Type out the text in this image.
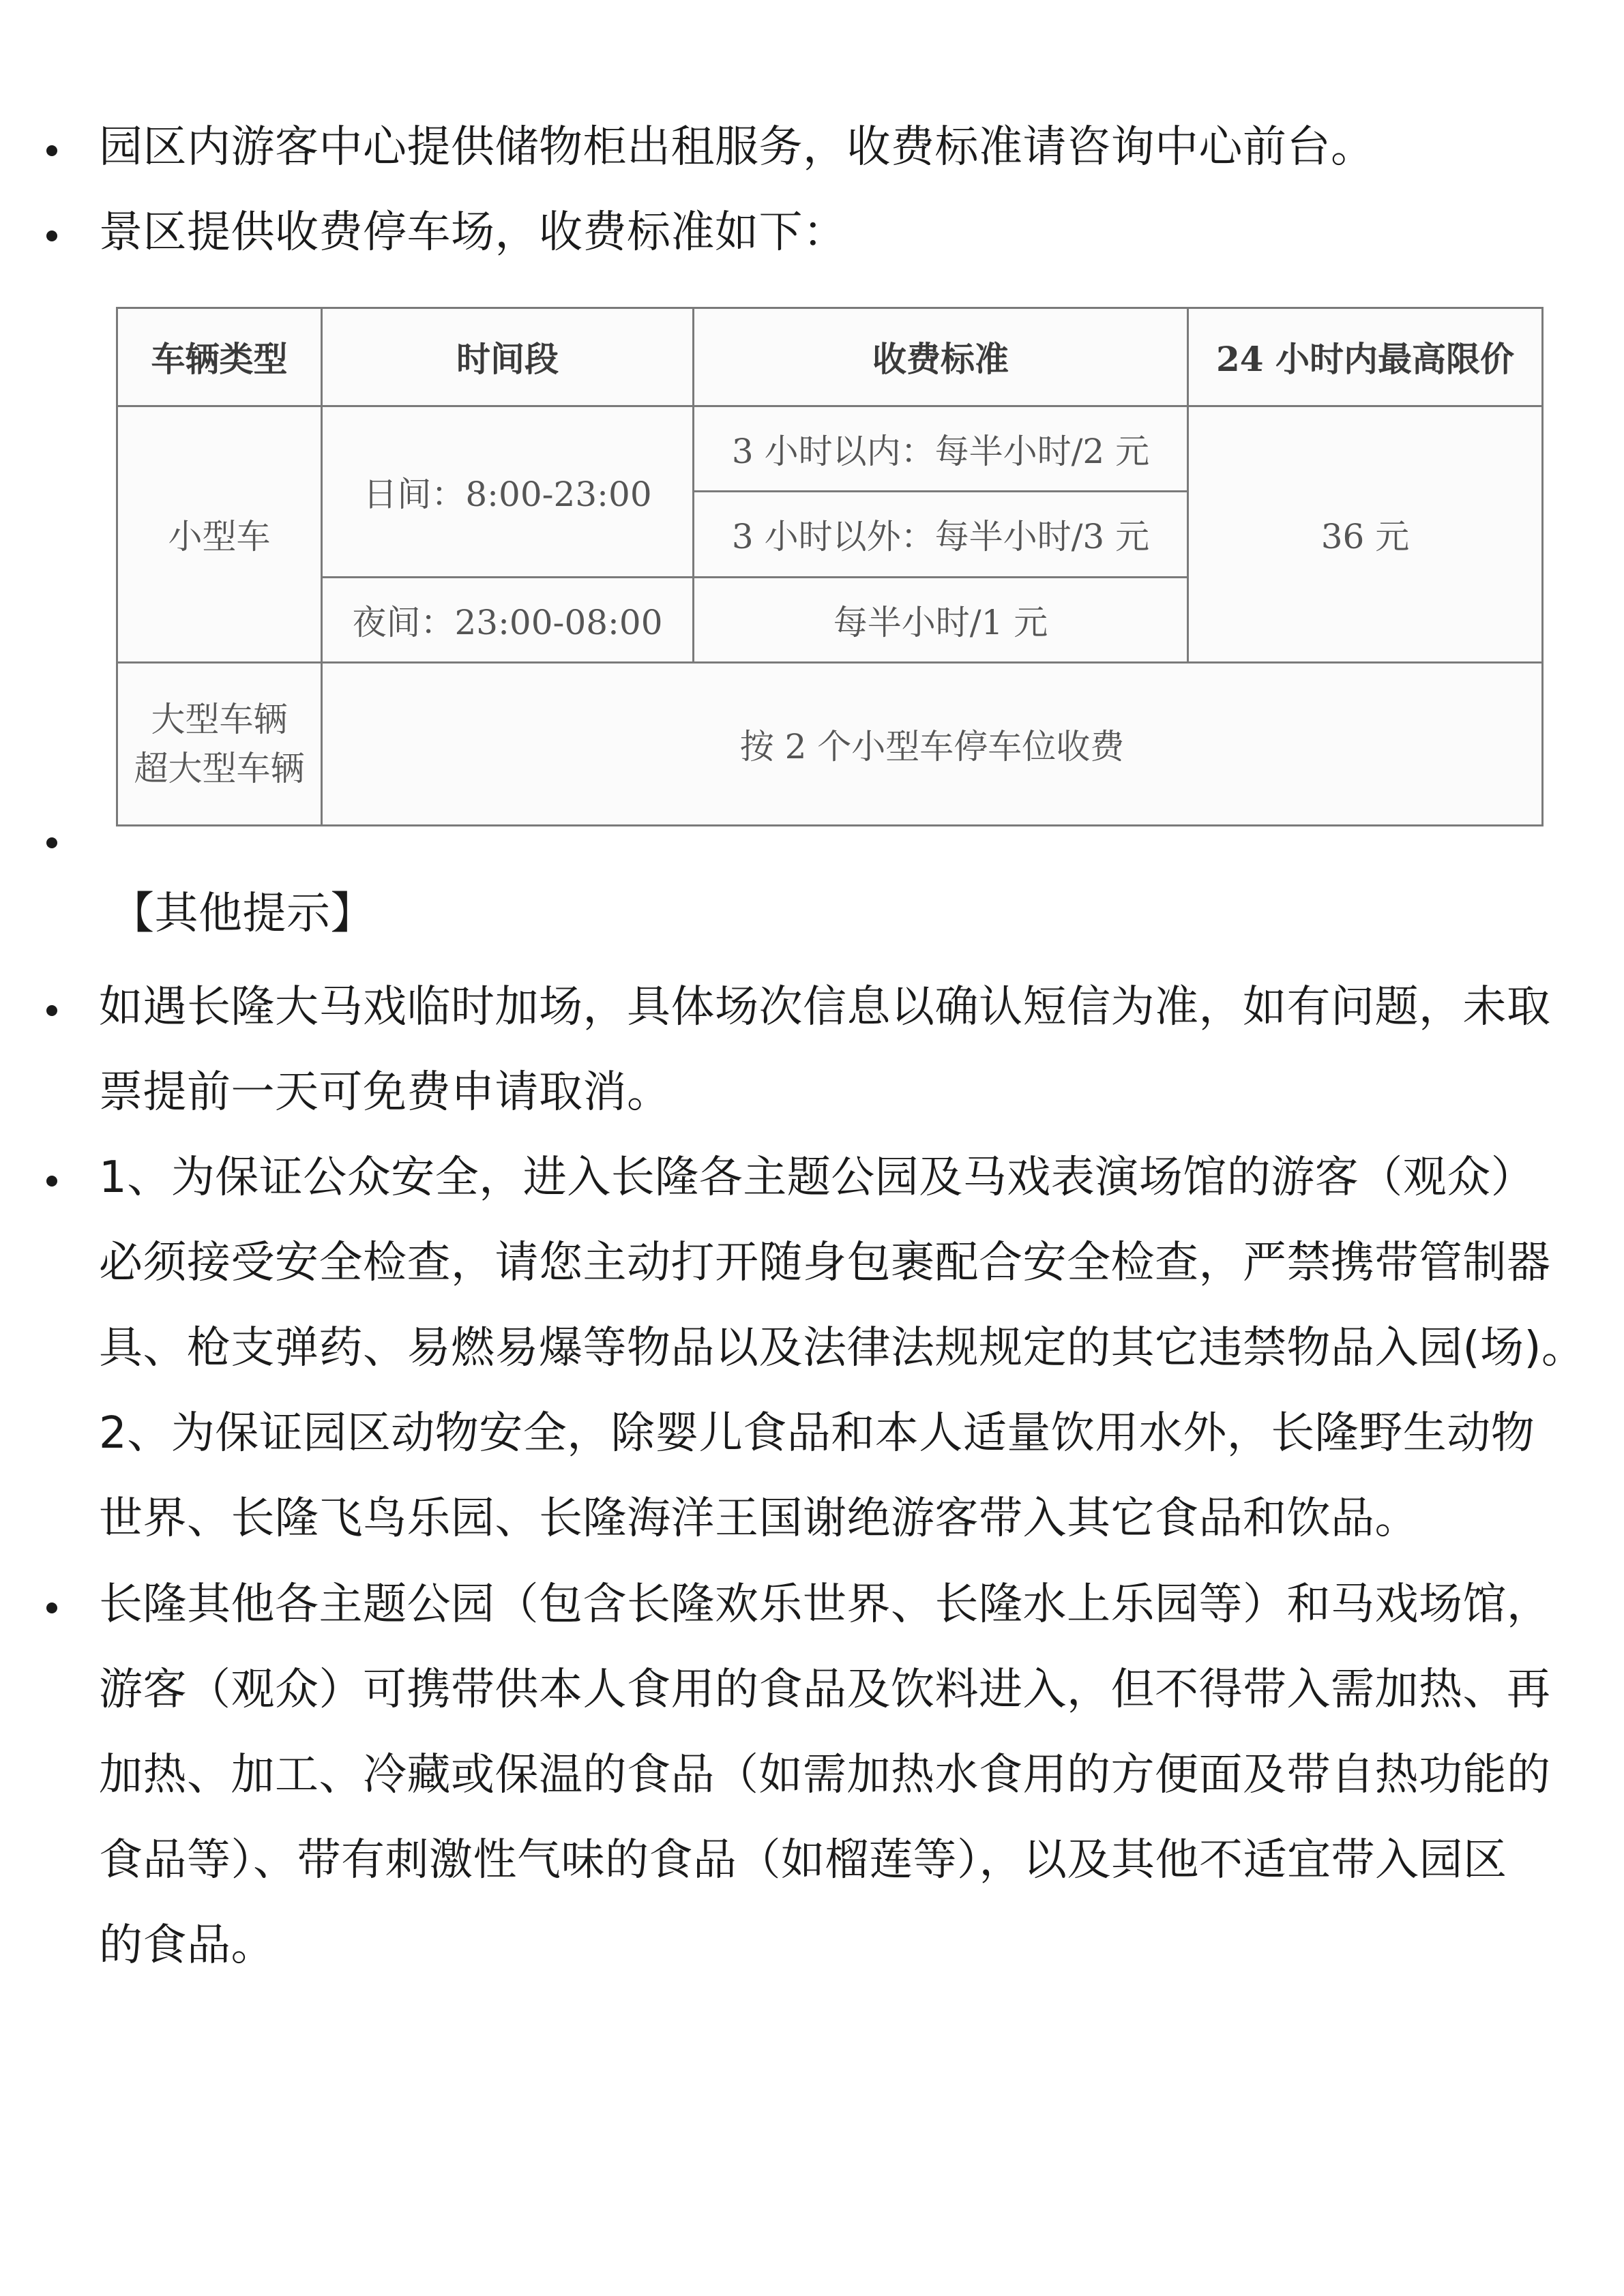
园区内游客中心提供储物柜出租服务，收费标准请咨询中心前台。
景区提供收费停车场，收费标准如下：
车辆类型	时间段	收费标准	24 小时内最高限价
小型车	日间：8:00-23:00	3 小时以内：每半小时/2 元	36 元
		3 小时以外：每半小时/3 元	
	夜间：23:00-08:00	每半小时/1 元	

大型车辆
超大型车辆	按 2 个小型车停车位收费		
【其他提示】
如遇长隆大马戏临时加场，具体场次信息以确认短信为准，如有问题，未取
票提前一天可免费申请取消。
1、为保证公众安全，进入长隆各主题公园及马戏表演场馆的游客（观众）
必须接受安全检查，请您主动打开随身包裹配合安全检查，严禁携带管制器
具、枪支弹药、易燃易爆等物品以及法律法规规定的其它违禁物品入园(场)。
2、为保证园区动物安全，除婴儿食品和本人适量饮用水外，长隆野生动物
世界、长隆飞鸟乐园、长隆海洋王国谢绝游客带入其它食品和饮品。
长隆其他各主题公园（包含长隆欢乐世界、长隆水上乐园等）和马戏场馆，
游客（观众）可携带供本人食用的食品及饮料进入，但不得带入需加热、再
加热、加工、冷藏或保温的食品（如需加热水食用的方便面及带自热功能的
食品等）、带有刺激性气味的食品（如榴莲等），以及其他不适宜带入园区
的食品。
